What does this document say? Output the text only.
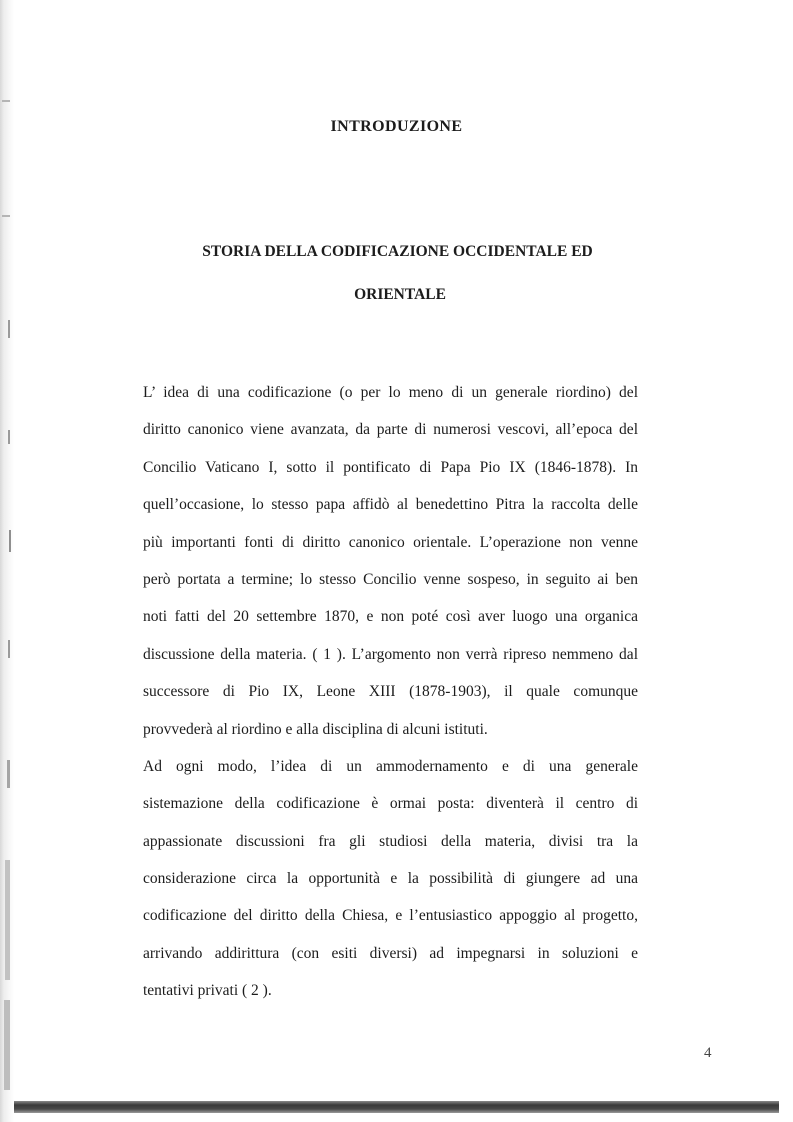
INTRODUZIONE
STORIA DELLA CODIFICAZIONE OCCIDENTALE ED
ORIENTALE
L’ idea di una codificazione (o per lo meno di un generale riordino) del
diritto canonico viene avanzata, da parte di numerosi vescovi, all’epoca del
Concilio Vaticano I, sotto il pontificato di Papa Pio IX (1846-1878). In
quell’occasione, lo stesso papa affidò al benedettino Pitra la raccolta delle
più importanti fonti di diritto canonico orientale. L’operazione non venne
però portata a termine; lo stesso Concilio venne sospeso, in seguito ai ben
noti fatti del 20 settembre 1870, e non poté così aver luogo una organica
discussione della materia. ( 1 ). L’argomento non verrà ripreso nemmeno dal
successore di Pio IX, Leone XIII (1878-1903), il quale comunque
provvederà al riordino e alla disciplina di alcuni istituti.
Ad ogni modo, l’idea di un ammodernamento e di una generale
sistemazione della codificazione è ormai posta: diventerà il centro di
appassionate discussioni fra gli studiosi della materia, divisi tra la
considerazione circa la opportunità e la possibilità di giungere ad una
codificazione del diritto della Chiesa, e l’entusiastico appoggio al progetto,
arrivando addirittura (con esiti diversi) ad impegnarsi in soluzioni e
tentativi privati ( 2 ).

4
